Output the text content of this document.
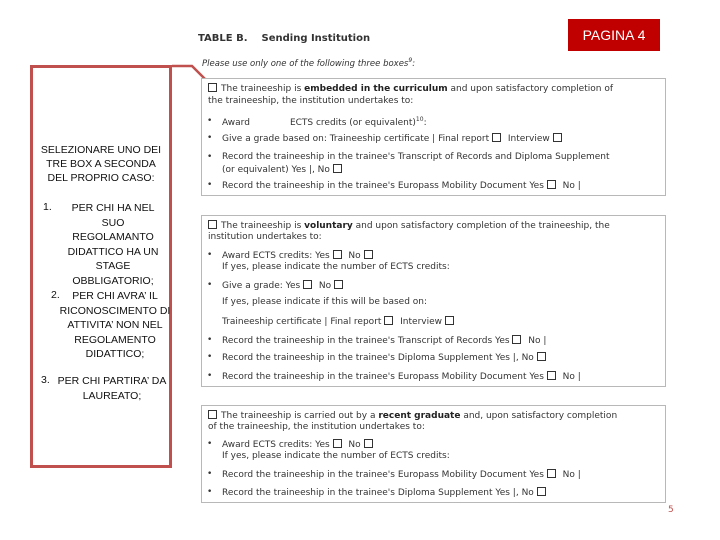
TABLE B. Sending Institution
Please use only one of the following three boxes$^9$:
PAGINA 4
SELEZIONARE UNO DEI TRE BOX A SECONDA DEL PROPRIO CASO:
1.	PER CHI HA NEL SUO REGOLAMANTO DIDATTICO HA UN STAGE OBBLIGATORIO;
2.	PER CHI AVRA’ IL RICONOSCIMENTO DI ATTIVITA’ NON NEL REGOLAMENTO DIDATTICO;
3. PER CHI PARTIRA’ DA LAUREATO;
The traineeship is embedded in the curriculum and upon satisfactory completion of
the traineeship, the institution undertakes to:
• Award	ECTS credits (or equivalent)$^{10}$:
• Give a grade based on: Traineeship certificate | Final report  Interview
• Record the traineeship in the trainee's Transcript of Records and Diploma Supplement
(or equivalent) Yes |, No
• Record the traineeship in the trainee's Europass Mobility Document Yes  No |
The traineeship is voluntary and upon satisfactory completion of the traineeship, the
institution undertakes to:
• Award ECTS credits: Yes  No
If yes, please indicate the number of ECTS credits:
• Give a grade: Yes  No
If yes, please indicate if this will be based on:
Traineeship certificate | Final report  Interview
• Record the traineeship in the trainee's Transcript of Records Yes  No |
• Record the traineeship in the trainee's Diploma Supplement Yes |, No
• Record the traineeship in the trainee's Europass Mobility Document Yes  No |
The traineeship is carried out by a recent graduate and, upon satisfactory completion
of the traineeship, the institution undertakes to:
• Award ECTS credits: Yes  No
If yes, please indicate the number of ECTS credits:
• Record the traineeship in the trainee's Europass Mobility Document Yes  No |
• Record the traineeship in the trainee's Diploma Supplement Yes |, No
5
